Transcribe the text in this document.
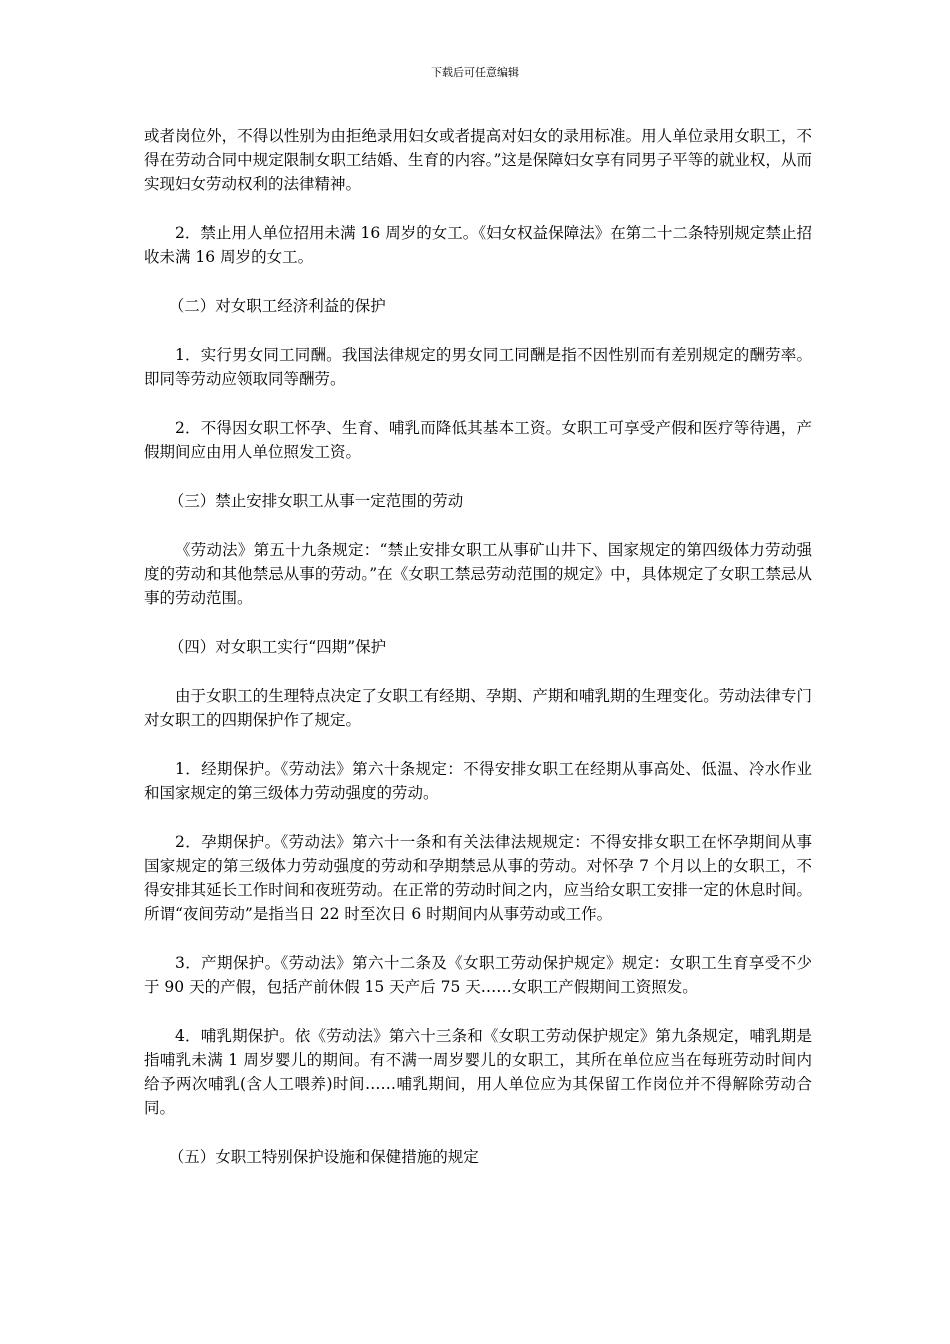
下载后可任意编辑

或者岗位外，不得以性别为由拒绝录用妇女或者提高对妇女的录用标准。用人单位录用女职工，不得在劳动合同中规定限制女职工结婚、生育的内容。”这是保障妇女享有同男子平等的就业权，从而实现妇女劳动权利的法律精神。

2．禁止用人单位招用未满 16 周岁的女工。《妇女权益保障法》在第二十二条特别规定禁止招收未满 16 周岁的女工。

（二）对女职工经济利益的保护

1．实行男女同工同酬。我国法律规定的男女同工同酬是指不因性别而有差别规定的酬劳率。即同等劳动应领取同等酬劳。

2．不得因女职工怀孕、生育、哺乳而降低其基本工资。女职工可享受产假和医疗等待遇，产假期间应由用人单位照发工资。

（三）禁止安排女职工从事一定范围的劳动

《劳动法》第五十九条规定：“禁止安排女职工从事矿山井下、国家规定的第四级体力劳动强度的劳动和其他禁忌从事的劳动。”在《女职工禁忌劳动范围的规定》中，具体规定了女职工禁忌从事的劳动范围。

（四）对女职工实行“四期”保护

由于女职工的生理特点决定了女职工有经期、孕期、产期和哺乳期的生理变化。劳动法律专门对女职工的四期保护作了规定。

1．经期保护。《劳动法》第六十条规定：不得安排女职工在经期从事高处、低温、冷水作业和国家规定的第三级体力劳动强度的劳动。

2．孕期保护。《劳动法》第六十一条和有关法律法规规定：不得安排女职工在怀孕期间从事国家规定的第三级体力劳动强度的劳动和孕期禁忌从事的劳动。对怀孕 7 个月以上的女职工，不得安排其延长工作时间和夜班劳动。在正常的劳动时间之内，应当给女职工安排一定的休息时间。所谓“夜间劳动”是指当日 22 时至次日 6 时期间内从事劳动或工作。

3．产期保护。《劳动法》第六十二条及《女职工劳动保护规定》规定：女职工生育享受不少于 90 天的产假，包括产前休假 15 天产后 75 天……女职工产假期间工资照发。

4．哺乳期保护。依《劳动法》第六十三条和《女职工劳动保护规定》第九条规定，哺乳期是指哺乳未满 1 周岁婴儿的期间。有不满一周岁婴儿的女职工，其所在单位应当在每班劳动时间内给予两次哺乳(含人工喂养)时间……哺乳期间，用人单位应为其保留工作岗位并不得解除劳动合同。

（五）女职工特别保护设施和保健措施的规定
